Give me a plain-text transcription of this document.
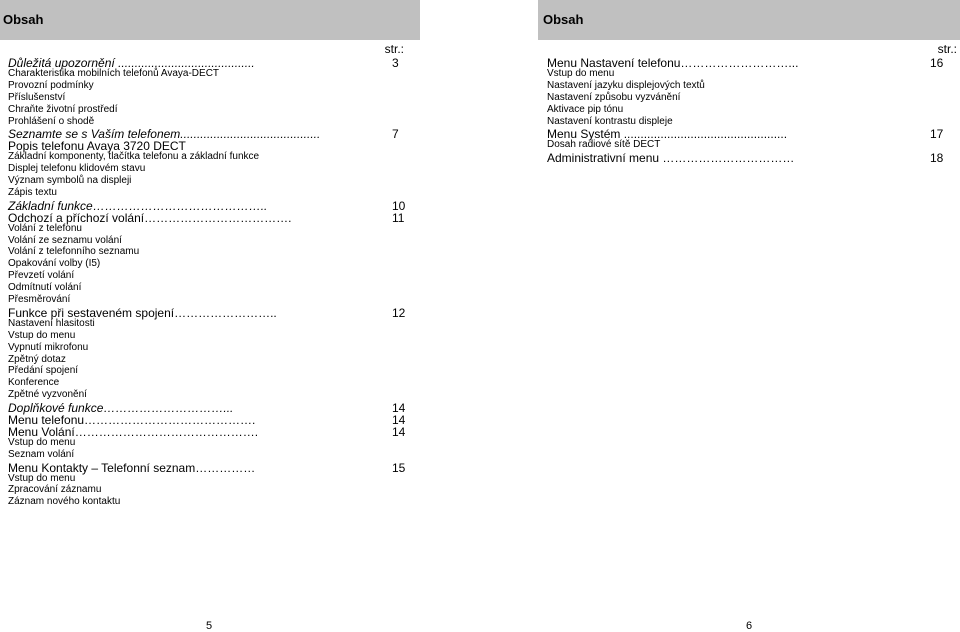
Obsah
str.:
Důležitá upozornění .........................................	3
Charakteristika mobilních telefonů Avaya-DECT
Provozní podmínky
Příslušenství
Chraňte životní prostředí
Prohlášení o shodě
Seznamte se s Vaším telefonem..........................................	7
Popis telefonu Avaya 3720 DECT
Základní komponenty, tlačítka telefonu a základní funkce
Displej telefonu klidovém stavu
Význam symbolů na displeji
Zápis textu
Základní funkce……………………………………..	10
Odchozí a příchozí volání……………………………….	11
Volání z telefonu
Volání ze seznamu volání
Volání z telefonního seznamu
Opakování volby (I5)
Převzetí volání
Odmítnutí volání
Přesměrování
Funkce při sestaveném spojení……………………..	12
Nastavení hlasitosti
Vstup do menu
Vypnutí mikrofonu
Zpětný dotaz
Předání spojení
Konference
Zpětné vyzvonění
Doplňkové funkce…………………………...	14
Menu telefonu…………………………………….	14
Menu Volání……………………………………….	14
Vstup do menu
Seznam volání
Menu Kontakty – Telefonní seznam……………	15
Vstup do menu
Zpracování záznamu
Záznam nového kontaktu
5
Obsah
str.:
Menu Nastavení telefonu………………………...	16
Vstup do menu
Nastavení jazyku displejových textů
Nastavení způsobu vyzvánění
Aktivace pip tónu
Nastavení kontrastu displeje
Menu Systém .................................................	17
Dosah radiové sítě DECT
Administrativní menu ……………………………	18
6
